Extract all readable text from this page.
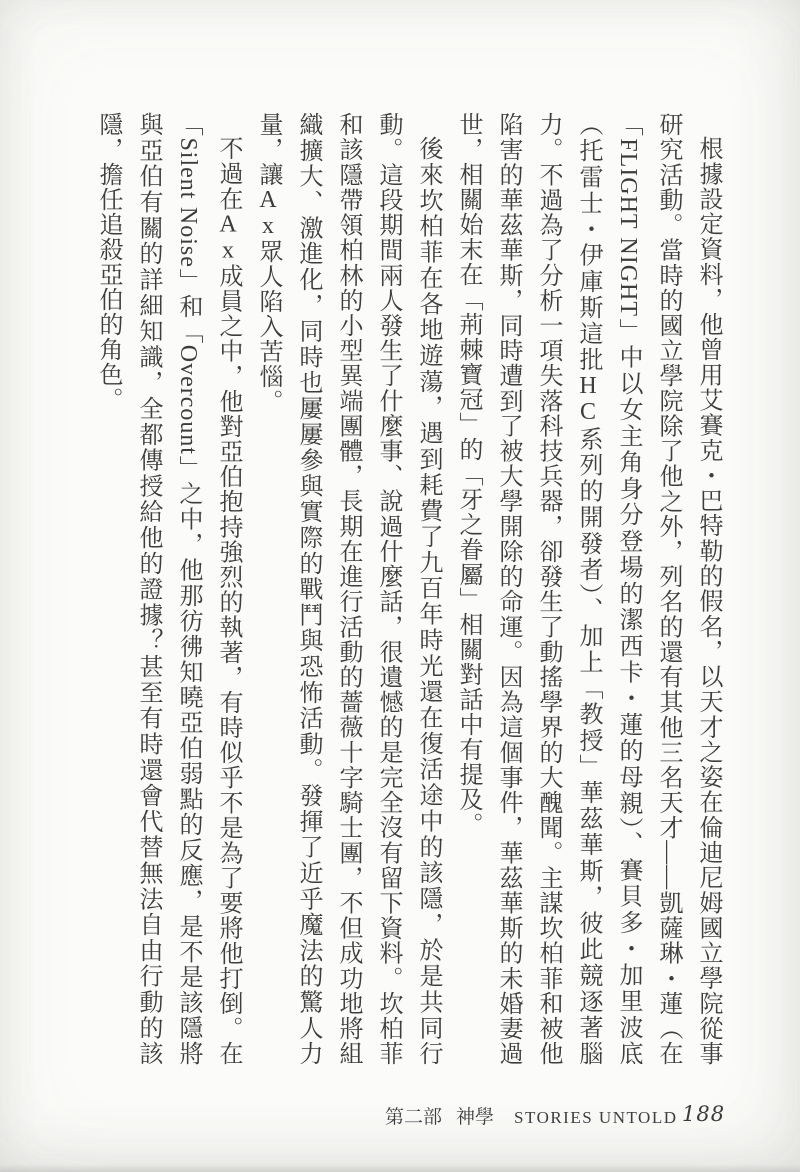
根據設定資料，他曾用艾賽克・巴特勒的假名，以天才之姿在倫迪尼姆國立學院從事研究活動。當時的國立學院除了他之外，列名的還有其他三名天才——凱薩琳・蓮（在「FLIGHT NIGHT」中以女主角身分登場的潔西卡・蓮的母親）、賽貝多・加里波底（托雷士・伊庫斯這批HC系列的開發者）、加上「教授」華茲華斯，彼此競逐著腦力。不過為了分析一項失落科技兵器，卻發生了動搖學界的大醜聞。主謀坎柏菲和被他陷害的華茲華斯，同時遭到了被大學開除的命運。因為這個事件，華茲華斯的未婚妻過世，相關始末在「荊棘寶冠」的「牙之眷屬」相關對話中有提及。

後來坎柏菲在各地遊蕩，遇到耗費了九百年時光還在復活途中的該隱，於是共同行動。這段期間兩人發生了什麼事、說過什麼話，很遺憾的是完全沒有留下資料。坎柏菲和該隱帶領柏林的小型異端團體，長期在進行活動的薔薇十字騎士團，不但成功地將組織擴大、激進化，同時也屢屢參與實際的戰鬥與恐怖活動。發揮了近乎魔法的驚人力量，讓Ax眾人陷入苦惱。

不過在Ax成員之中，他對亞伯抱持強烈的執著，有時似乎不是為了要將他打倒。在「Silent Noise」和「Overcount」之中，他那彷彿知曉亞伯弱點的反應，是不是該隱將與亞伯有關的詳細知識，全都傳授給他的證據？甚至有時還會代替無法自由行動的該隱，擔任追殺亞伯的角色。

第二部 神學 STORIES UNTOLD 188
